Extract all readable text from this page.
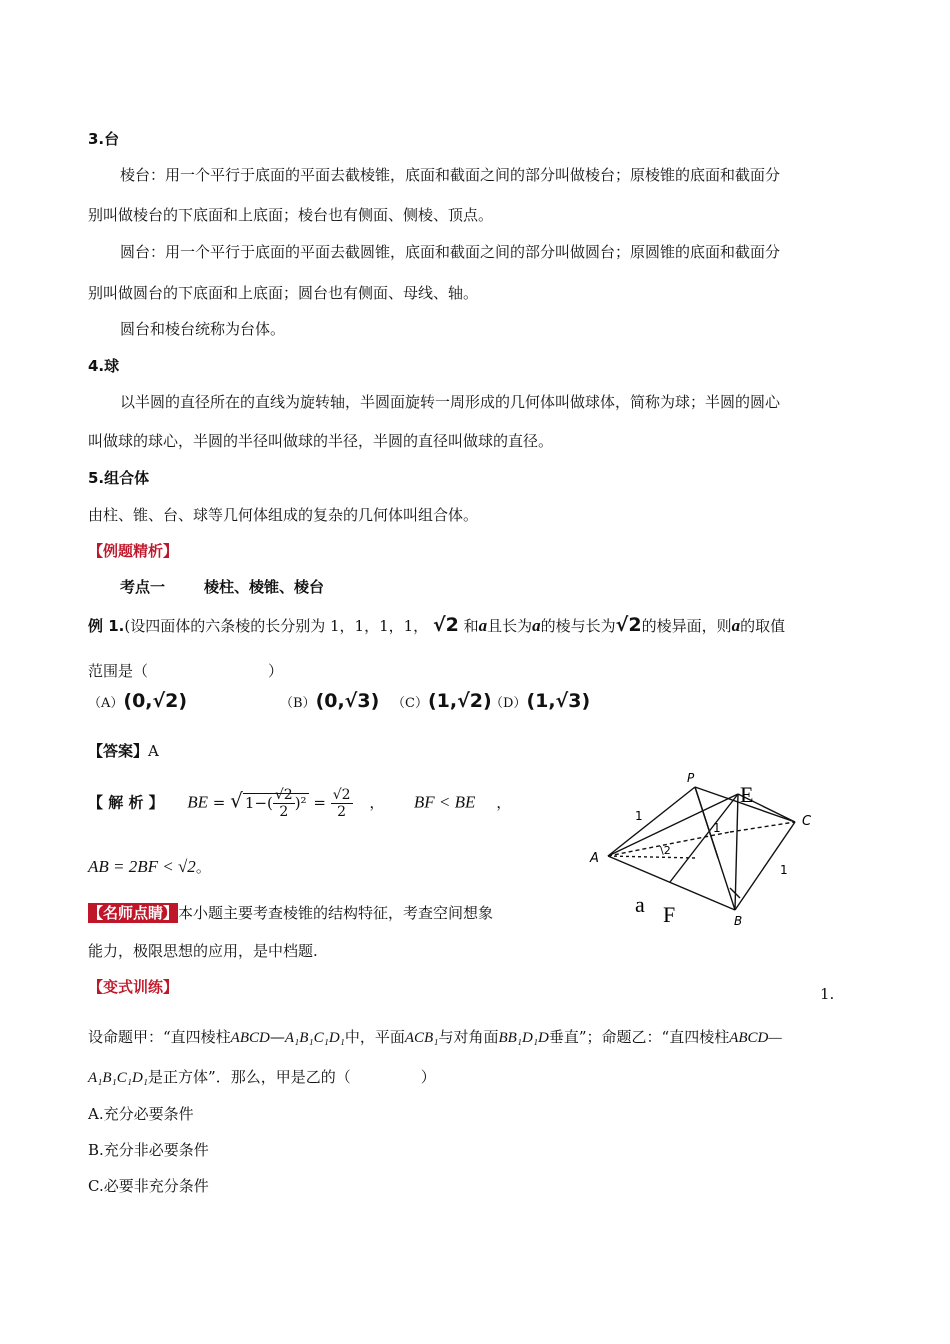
3.台
棱台：用一个平行于底面的平面去截棱锥，底面和截面之间的部分叫做棱台；原棱锥的底面和截面分
别叫做棱台的下底面和上底面；棱台也有侧面、侧棱、顶点。
圆台：用一个平行于底面的平面去截圆锥，底面和截面之间的部分叫做圆台；原圆锥的底面和截面分
别叫做圆台的下底面和上底面；圆台也有侧面、母线、轴。
圆台和棱台统称为台体。
4.球
以半圆的直径所在的直线为旋转轴，半圆面旋转一周形成的几何体叫做球体，简称为球；半圆的圆心
叫做球的球心，半圆的半径叫做球的半径，半圆的直径叫做球的直径。
5.组合体
由柱、锥、台、球等几何体组成的复杂的几何体叫组合体。
【例题精析】
考点一	棱柱、棱锥、棱台
例 1.(设四面体的六条棱的长分别为 1，1，1，1， √2 和a且长为a的棱与长为√2的棱异面，则a的取值
范围是（	）
（A）(0,√2)	（B）(0,√3) （C）(1,√2)
（D）(1,√3)
【答案】A
【 解 析 】 BE = √ $1-( \frac{√2}{2} )^2 = \frac{√2}{2}$ ， BF < BE ，
AB = 2BF < √2。
【名师点睛】本小题主要考查棱锥的结构特征，考查空间想象
能力，极限思想的应用，是中档题.
P
E
C
A
B
F
a
1
1
1
\2
【变式训练】	1.
设命题甲：“直四棱柱ABCD—A₁B₁C₁D₁中，平面ACB₁与对角面BB₁D₁D垂直”；命题乙：“直四棱柱ABCD—
A₁B₁C₁D₁是正方体”．那么，甲是乙的（	）
A.充分必要条件
B.充分非必要条件
C.必要非充分条件
